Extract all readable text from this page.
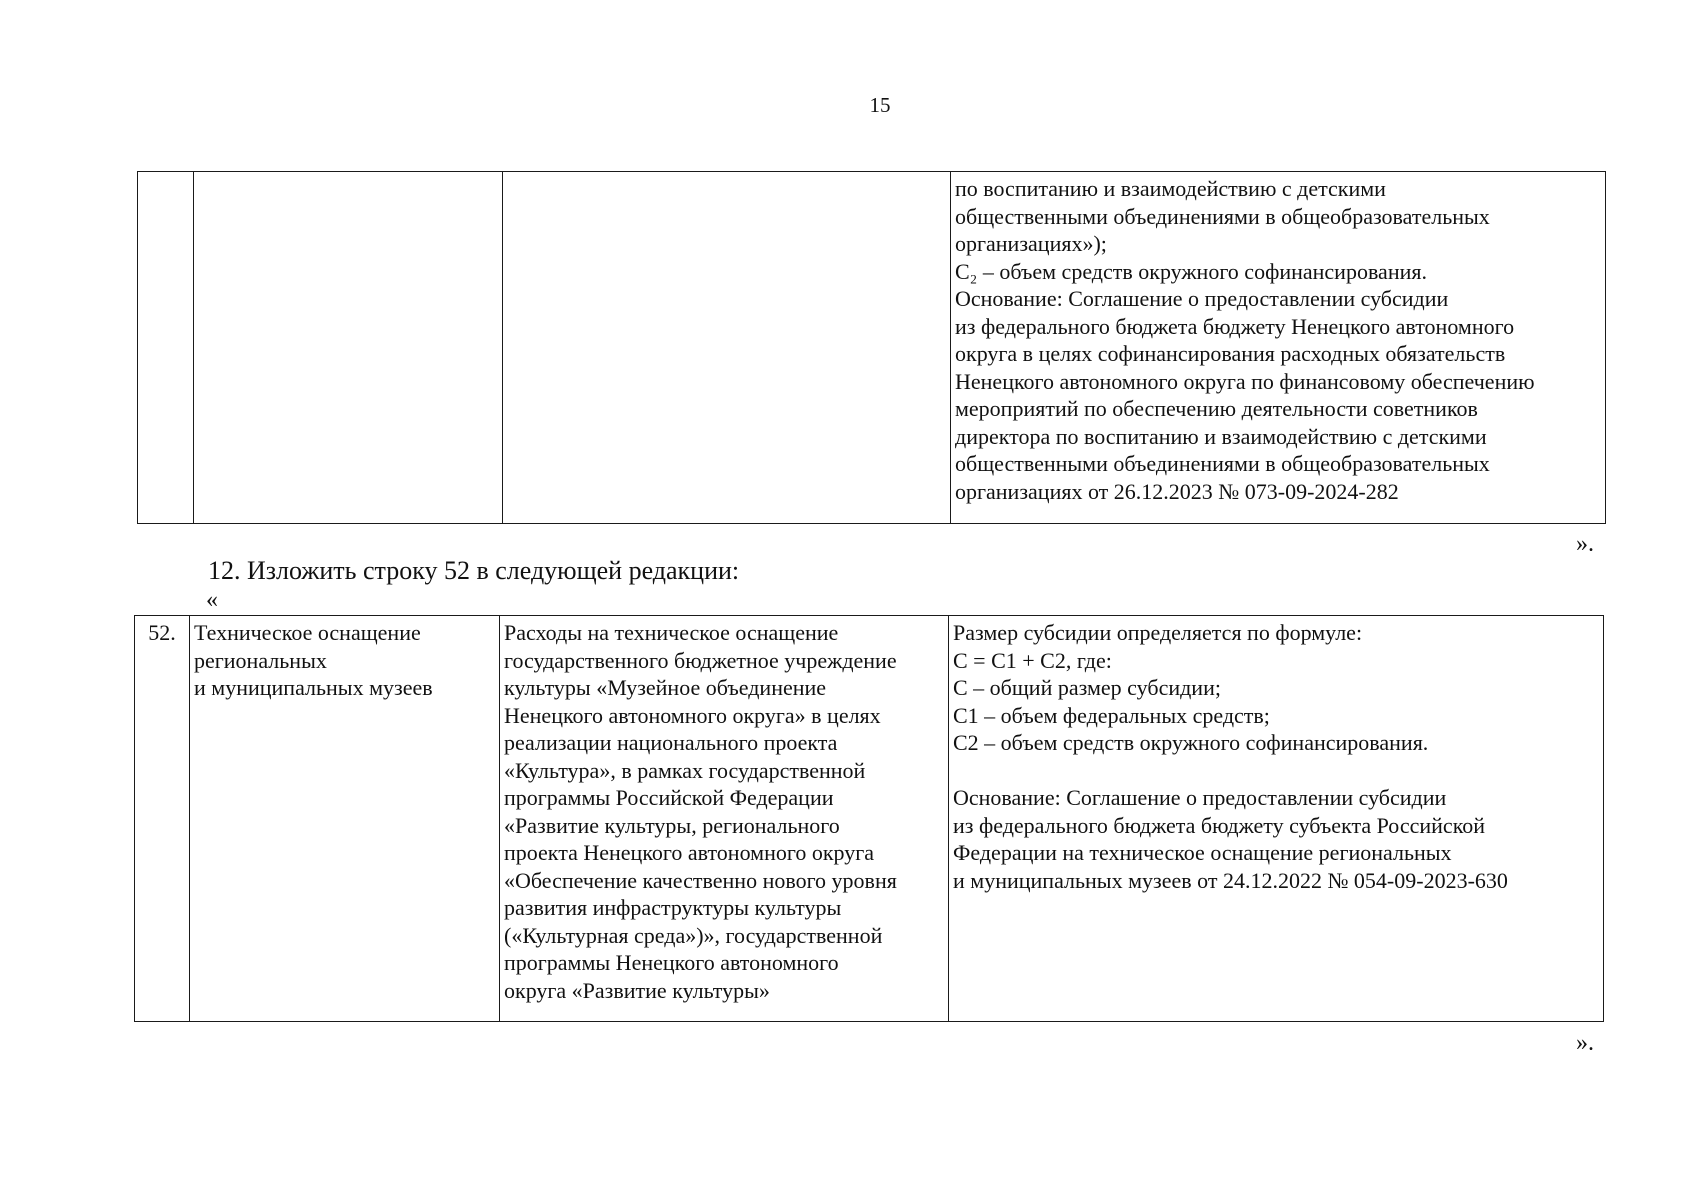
15
			по воспитанию и взаимодействию с детскими
общественными объединениями в общеобразовательных
организациях»);
C₂ – объем средств окружного софинансирования.
Основание: Соглашение о предоставлении субсидии
из федерального бюджета бюджету Ненецкого автономного
округа в целях софинансирования расходных обязательств
Ненецкого автономного округа по финансовому обеспечению
мероприятий по обеспечению деятельности советников
директора по воспитанию и взаимодействию с детскими
общественными объединениями в общеобразовательных
организациях от 26.12.2023 № 073-09-2024-282
».
12. Изложить строку 52 в следующей редакции:
«
52.	Техническое оснащение
региональных
и муниципальных музеев	Расходы на техническое оснащение
государственного бюджетное учреждение
культуры «Музейное объединение
Ненецкого автономного округа» в целях
реализации национального проекта
«Культура», в рамках государственной
программы Российской Федерации
«Развитие культуры, регионального
проекта Ненецкого автономного округа
«Обеспечение качественно нового уровня
развития инфраструктуры культуры
(«Культурная среда»)», государственной
программы Ненецкого автономного
округа «Развитие культуры»	Размер субсидии определяется по формуле:
С = С1 + С2, где:
С – общий размер субсидии;
С1 – объем федеральных средств;
С2 – объем средств окружного софинансирования.

Основание: Соглашение о предоставлении субсидии
из федерального бюджета бюджету субъекта Российской
Федерации на техническое оснащение региональных
и муниципальных музеев от 24.12.2022 № 054-09-2023-630
».
